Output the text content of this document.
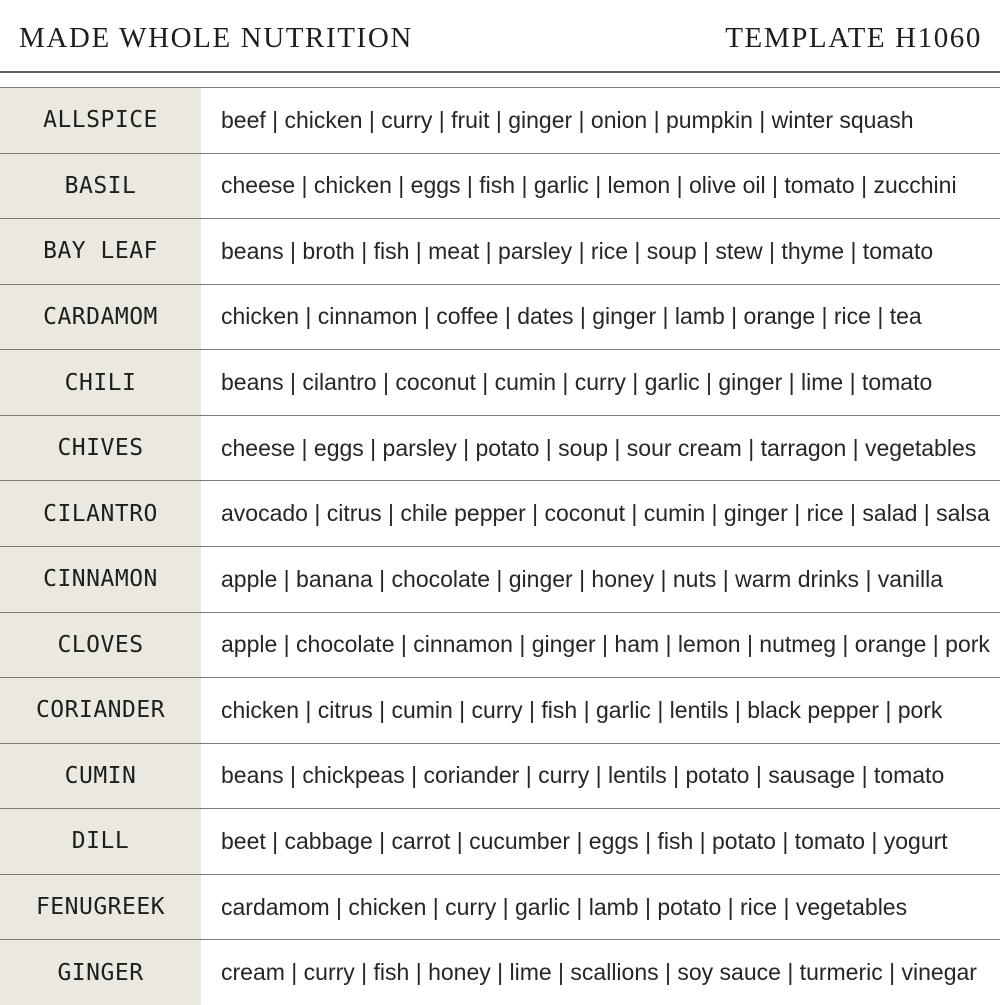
MADE WHOLE NUTRITION	TEMPLATE H1060
ALLSPICE	beef | chicken | curry | fruit | ginger | onion | pumpkin | winter squash
BASIL	cheese | chicken | eggs | fish | garlic | lemon | olive oil | tomato | zucchini
BAY LEAF	beans | broth | fish | meat | parsley | rice | soup | stew | thyme | tomato
CARDAMOM	chicken | cinnamon | coffee | dates | ginger | lamb | orange | rice | tea
CHILI	beans | cilantro | coconut | cumin | curry | garlic | ginger | lime | tomato
CHIVES	cheese | eggs | parsley | potato | soup | sour cream | tarragon | vegetables
CILANTRO	avocado | citrus | chile pepper | coconut | cumin | ginger | rice | salad | salsa
CINNAMON	apple | banana | chocolate | ginger | honey | nuts | warm drinks | vanilla
CLOVES	apple | chocolate | cinnamon | ginger | ham | lemon | nutmeg | orange | pork
CORIANDER	chicken | citrus | cumin | curry | fish | garlic | lentils | black pepper | pork
CUMIN	beans | chickpeas | coriander | curry | lentils | potato | sausage | tomato
DILL	beet | cabbage | carrot | cucumber | eggs | fish | potato | tomato | yogurt
FENUGREEK	cardamom | chicken | curry | garlic | lamb | potato | rice | vegetables
GINGER	cream | curry | fish | honey | lime | scallions | soy sauce | turmeric | vinegar
